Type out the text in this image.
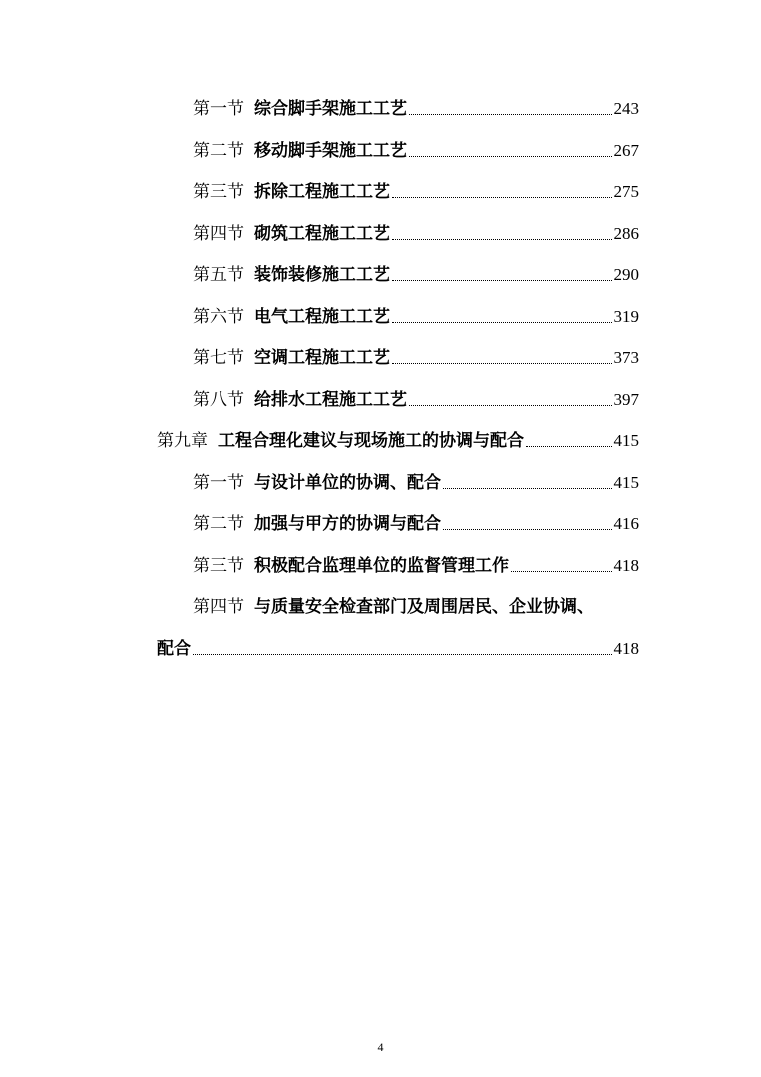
第一节 综合脚手架施工工艺	243
第二节 移动脚手架施工工艺	267
第三节 拆除工程施工工艺	275
第四节 砌筑工程施工工艺	286
第五节 装饰装修施工工艺	290
第六节 电气工程施工工艺	319
第七节 空调工程施工工艺	373
第八节 给排水工程施工工艺	397
第九章 工程合理化建议与现场施工的协调与配合	415
第一节 与设计单位的协调、配合	415
第二节 加强与甲方的协调与配合	416
第三节 积极配合监理单位的监督管理工作	418
第四节 与质量安全检查部门及周围居民、企业协调、
配合	418
4
